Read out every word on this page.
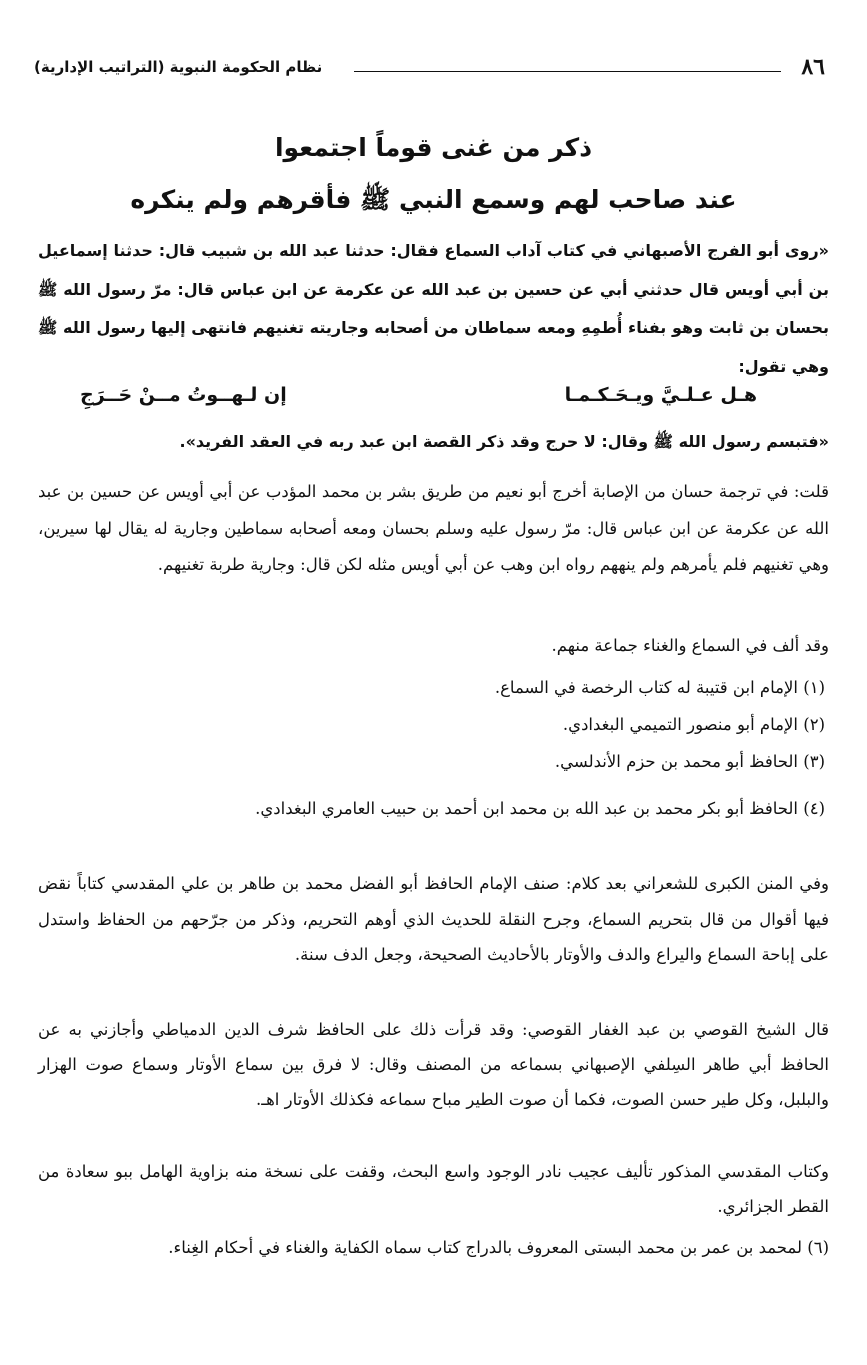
٨٦
نظام الحكومة النبوية (التراتيب الإدارية)
ذكر من غنى قوماً اجتمعوا
عند صاحب لهم وسمع النبي ﷺ فأقرهم ولم ينكره
«روى أبو الفرج الأصبهاني في كتاب آداب السماع فقال: حدثنا عبد الله بن شبيب قال: حدثنا إسماعيل بن أبي أويس قال حدثني أبي عن حسين بن عبد الله عن عكرمة عن ابن عباس قال: مرّ رسول الله ﷺ بحسان بن ثابت وهو بفناء أُطمِهِ ومعه سماطان من أصحابه وجاريته تغنيهم فانتهى إليها رسول الله ﷺ وهي تقول:
هـل عـلـيَّ ويـحَـكـمـا
إن لـهــوتُ مــنْ حَــرَجِ
«فتبسم رسول الله ﷺ وقال: لا حرج وقد ذكر القصة ابن عبد ربه في العقد الفريد».
قلت: في ترجمة حسان من الإصابة أخرج أبو نعيم من طريق بشر بن محمد المؤدب عن أبي أويس عن حسين بن عبد الله عن عكرمة عن ابن عباس قال: مرّ رسول عليه وسلم بحسان ومعه أصحابه سماطين وجارية له يقال لها سيرين، وهي تغنيهم فلم يأمرهم ولم ينههم رواه ابن وهب عن أبي أويس مثله لكن قال: وجارية طربة تغنيهم.
وقد ألف في السماع والغناء جماعة منهم.
(١) الإمام ابن قتيبة له كتاب الرخصة في السماع.
(٢) الإمام أبو منصور التميمي البغدادي.
(٣) الحافظ أبو محمد بن حزم الأندلسي.
(٤) الحافظ أبو بكر محمد بن عبد الله بن محمد ابن أحمد بن حبيب العامري البغدادي.
وفي المنن الكبرى للشعراني بعد كلام: صنف الإمام الحافظ أبو الفضل محمد بن طاهر بن علي المقدسي كتاباً نقض فيها أقوال من قال بتحريم السماع، وجرح النقلة للحديث الذي أوهم التحريم، وذكر من جرّحهم من الحفاظ واستدل على إباحة السماع واليراع والدف والأوتار بالأحاديث الصحيحة، وجعل الدف سنة.
قال الشيخ القوصي بن عبد الغفار القوصي: وقد قرأت ذلك على الحافظ شرف الدين الدمياطي وأجازني به عن الحافظ أبي طاهر السِلفي الإصبهاني بسماعه من المصنف وقال: لا فرق بين سماع الأوتار وسماع صوت الهزار والبلبل، وكل طير حسن الصوت، فكما أن صوت الطير مباح سماعه فكذلك الأوتار اهـ.
وكتاب المقدسي المذكور تأليف عجيب نادر الوجود واسع البحث، وقفت على نسخة منه بزاوية الهامل ببو سعادة من القطر الجزائري.
(٦) لمحمد بن عمر بن محمد البستى المعروف بالدراج كتاب سماه الكفاية والغناء في أحكام الغِناء.
